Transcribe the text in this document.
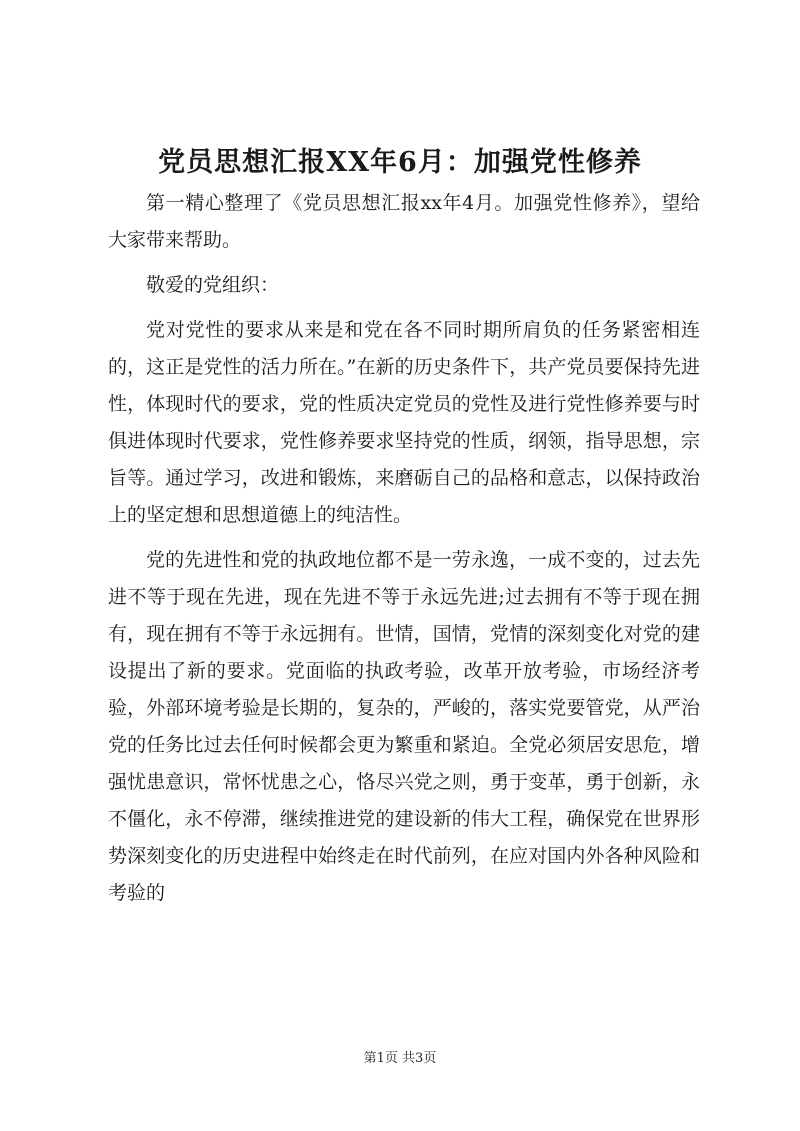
党员思想汇报XX年6月：加强党性修养

第一精心整理了《党员思想汇报xx年4月。加强党性修养》，望给大家带来帮助。

敬爱的党组织：

党对党性的要求从来是和党在各不同时期所肩负的任务紧密相连的，这正是党性的活力所在。”在新的历史条件下，共产党员要保持先进性，体现时代的要求，党的性质决定党员的党性及进行党性修养要与时俱进体现时代要求，党性修养要求坚持党的性质，纲领，指导思想，宗旨等。通过学习，改进和锻炼，来磨砺自己的品格和意志，以保持政治上的坚定想和思想道德上的纯洁性。

党的先进性和党的执政地位都不是一劳永逸，一成不变的，过去先进不等于现在先进，现在先进不等于永远先进;过去拥有不等于现在拥有，现在拥有不等于永远拥有。世情，国情，党情的深刻变化对党的建设提出了新的要求。党面临的执政考验，改革开放考验，市场经济考验，外部环境考验是长期的，复杂的，严峻的，落实党要管党，从严治党的任务比过去任何时候都会更为繁重和紧迫。全党必须居安思危，增强忧患意识，常怀忧患之心，恪尽兴党之则，勇于变革，勇于创新，永不僵化，永不停滞，继续推进党的建设新的伟大工程，确保党在世界形势深刻变化的历史进程中始终走在时代前列，在应对国内外各种风险和考验的

第1页 共3页
